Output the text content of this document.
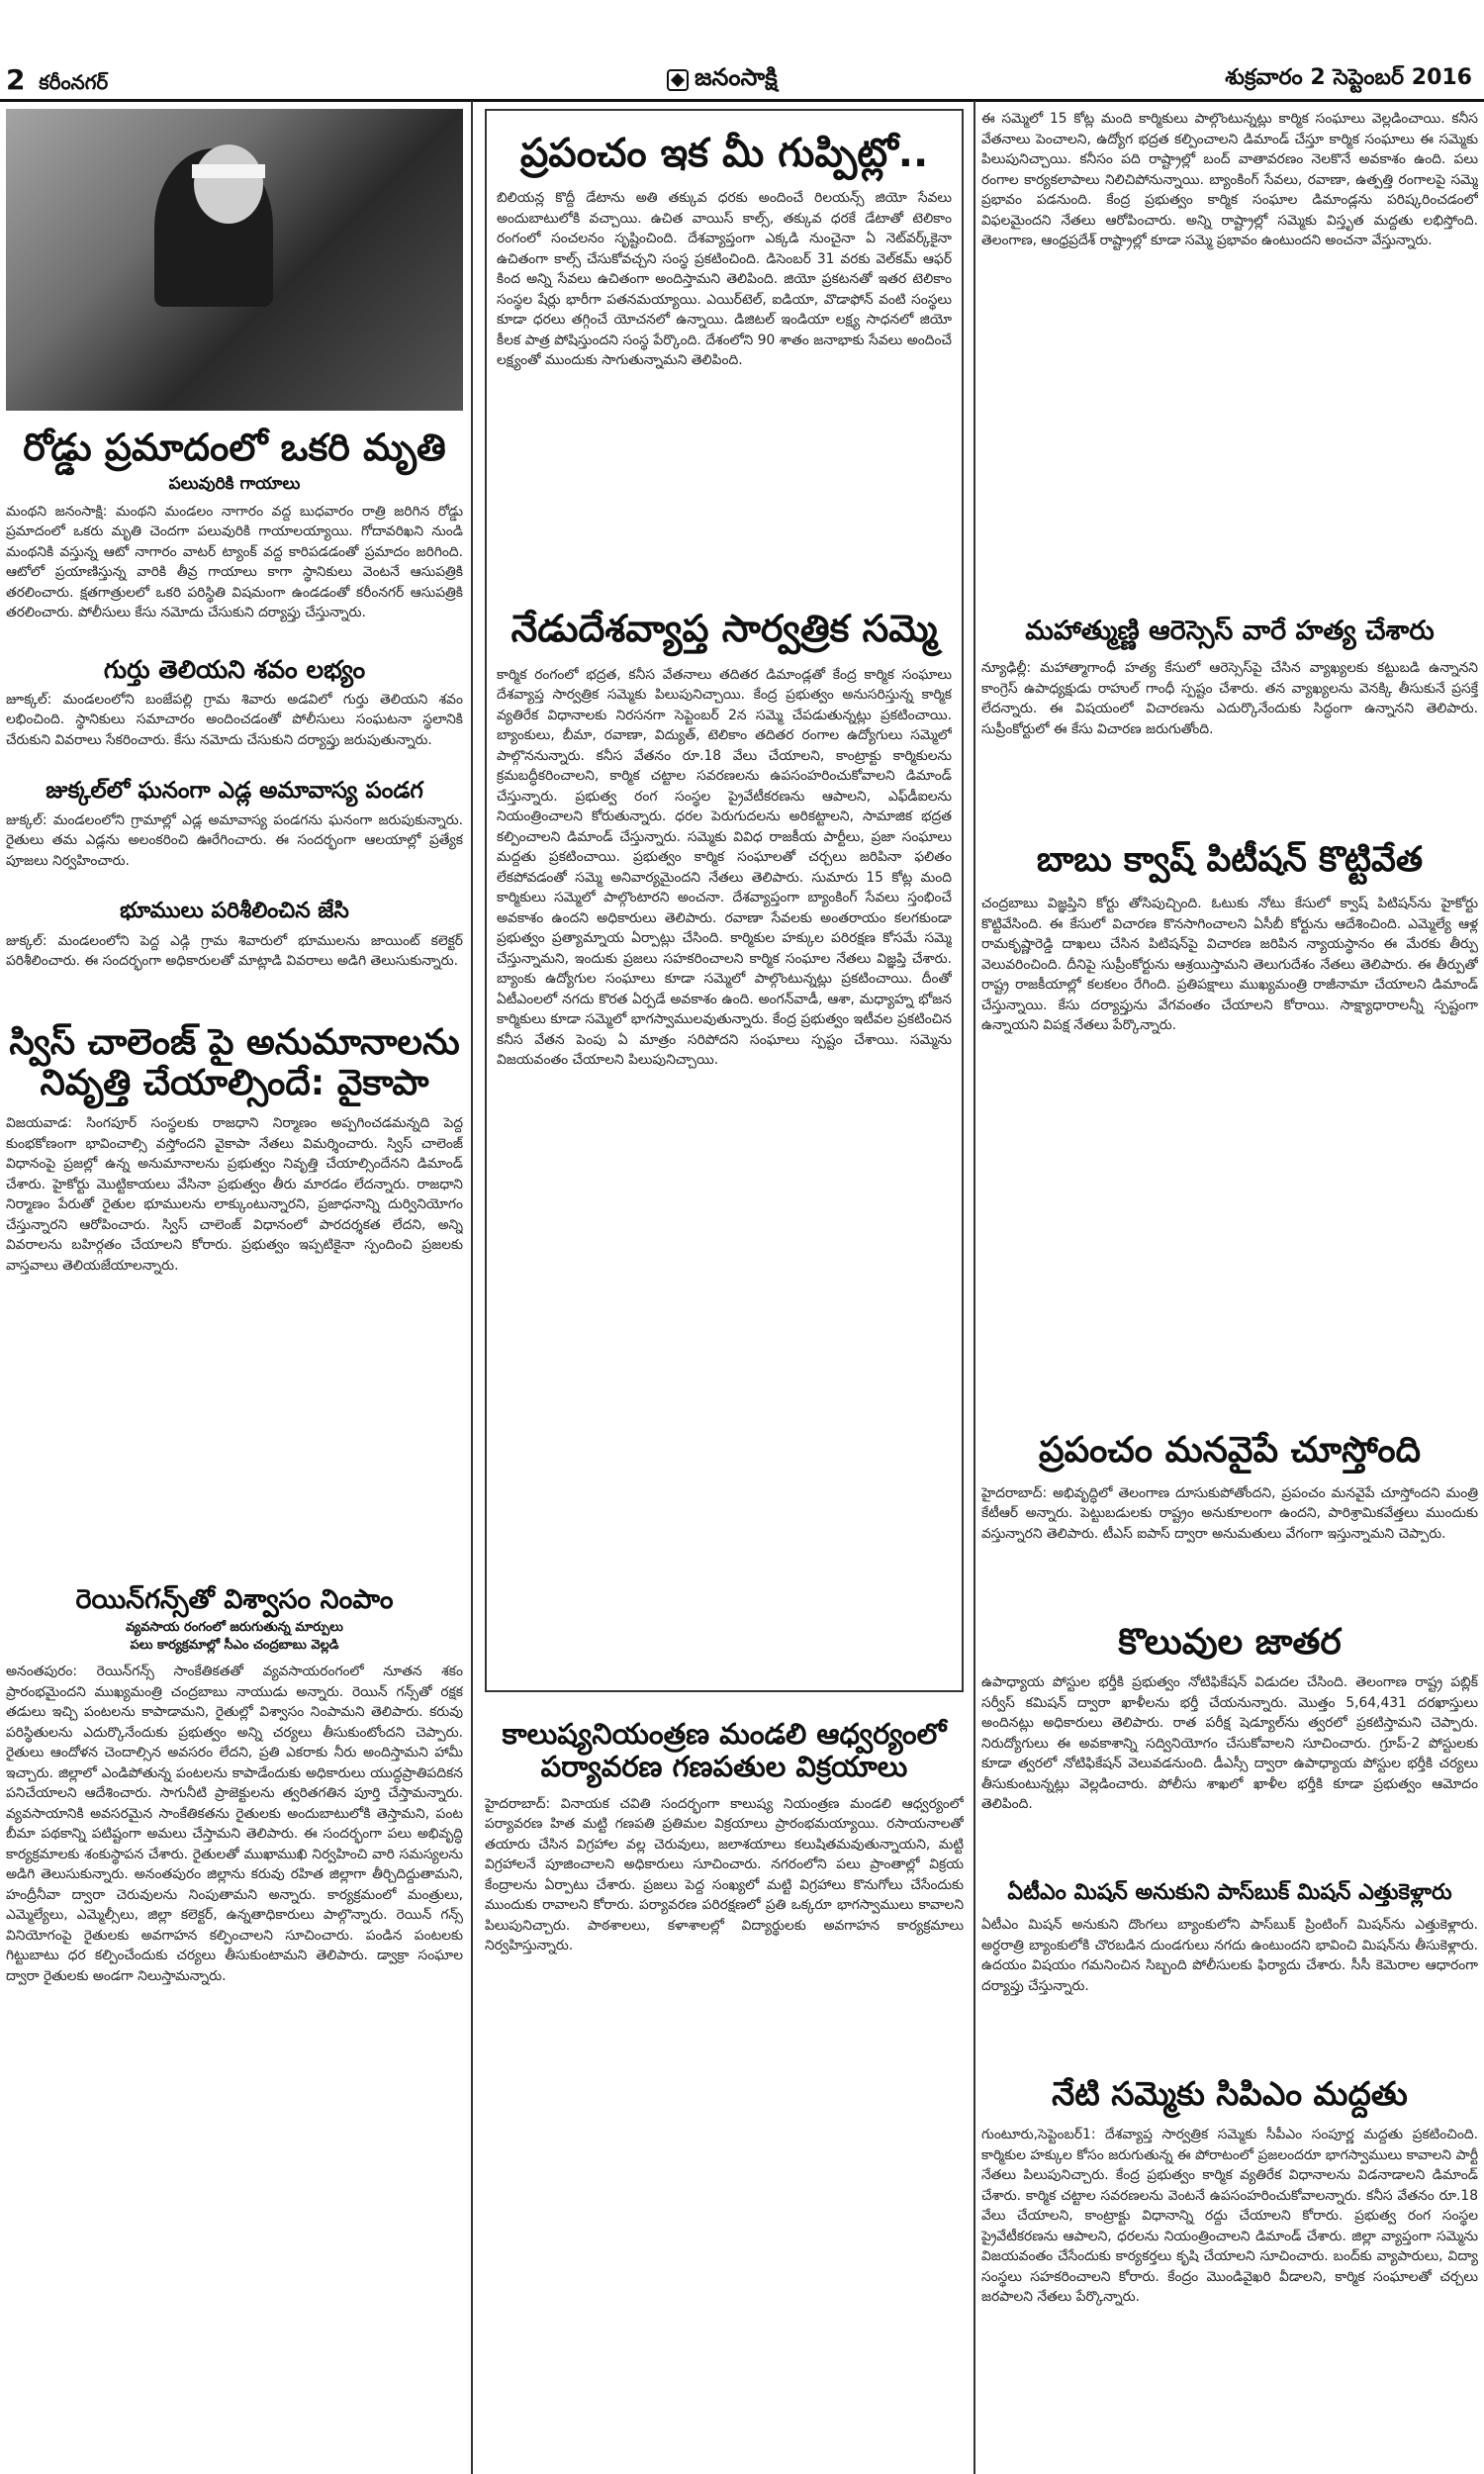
2 కరీంనగర్	జనంసాక్షి	శుక్రవారం 2 సెప్టెంబర్ 2016
రోడ్డు ప్రమాదంలో ఒకరి మృతి
పలువురికి గాయాలు
మంథని జనంసాక్షి: మంథని మండలం నాగారం వద్ద బుధవారం రాత్రి జరిగిన రోడ్డు ప్రమాదంలో ఒకరు మృతి చెందగా పలువురికి గాయాలయ్యాయి. గోదావరిఖని నుండి మంథనికి వస్తున్న ఆటో నాగారం వాటర్ ట్యాంక్ వద్ద కారిపడడంతో ప్రమాదం జరిగింది. ఆటోలో ప్రయాణిస్తున్న వారికి తీవ్ర గాయాలు కాగా స్థానికులు వెంటనే ఆసుపత్రికి తరలించారు. క్షతగాత్రులలో ఒకరి పరిస్థితి విషమంగా ఉండడంతో కరీంనగర్ ఆసుపత్రికి తరలించారు. పోలీసులు కేసు నమోదు చేసుకుని దర్యాప్తు చేస్తున్నారు.
గుర్తు తెలియని శవం లభ్యం
జూక్కల్: మండలంలోని బంజేపల్లి గ్రామ శివారు అడవిలో గుర్తు తెలియని శవం లభించింది. స్థానికులు సమాచారం అందించడంతో పోలీసులు సంఘటనా స్థలానికి చేరుకుని వివరాలు సేకరించారు. కేసు నమోదు చేసుకుని దర్యాప్తు జరుపుతున్నారు.
జుక్కల్‌లో ఘనంగా ఎడ్ల అమావాస్య పండగ
జుక్కల్: మండలంలోని గ్రామాల్లో ఎడ్ల అమావాస్య పండగను ఘనంగా జరుపుకున్నారు. రైతులు తమ ఎడ్లను అలంకరించి ఊరేగించారు. ఈ సందర్భంగా ఆలయాల్లో ప్రత్యేక పూజలు నిర్వహించారు.
భూములు పరిశీలించిన జేసి
జుక్కల్: మండలంలోని పెద్ద ఎడ్గి గ్రామ శివారులో భూములను జాయింట్ కలెక్టర్ పరిశీలించారు. ఈ సందర్భంగా అధికారులతో మాట్లాడి వివరాలు అడిగి తెలుసుకున్నారు.
స్విస్ చాలెంజ్ పై అనుమానాలను నివృత్తి చేయాల్సిందే: వైకాపా
విజయవాడ: సింగపూర్ సంస్థలకు రాజధాని నిర్మాణం అప్పగించడమన్నది పెద్ద కుంభకోణంగా భావించాల్సి వస్తోందని వైకాపా నేతలు విమర్శించారు. స్విస్ చాలెంజ్ విధానంపై ప్రజల్లో ఉన్న అనుమానాలను ప్రభుత్వం నివృత్తి చేయాల్సిందేనని డిమాండ్ చేశారు. హైకోర్టు మొట్టికాయలు వేసినా ప్రభుత్వం తీరు మారడం లేదన్నారు. రాజధాని నిర్మాణం పేరుతో రైతుల భూములను లాక్కుంటున్నారని, ప్రజాధనాన్ని దుర్వినియోగం చేస్తున్నారని ఆరోపించారు. స్విస్ చాలెంజ్ విధానంలో పారదర్శకత లేదని, అన్ని వివరాలను బహిర్గతం చేయాలని కోరారు. ప్రభుత్వం ఇప్పటికైనా స్పందించి ప్రజలకు వాస్తవాలు తెలియజేయాలన్నారు.
రెయిన్‌గన్స్‌తో విశ్వాసం నింపాం
వ్యవసాయ రంగంలో జరుగుతున్న మార్పులు
పలు కార్యక్రమాల్లో సీఎం చంద్రబాబు వెల్లడి
అనంతపురం: రెయిన్‌గన్స్‌ సాంకేతికతతో వ్యవసాయరంగంలో నూతన శకం ప్రారంభమైందని ముఖ్యమంత్రి చంద్రబాబు నాయుడు అన్నారు. రెయిన్ గన్స్‌తో రక్షక తడులు ఇచ్చి పంటలను కాపాడామని, రైతుల్లో విశ్వాసం నింపామని తెలిపారు. కరువు పరిస్థితులను ఎదుర్కొనేందుకు ప్రభుత్వం అన్ని చర్యలు తీసుకుంటోందని చెప్పారు. రైతులు ఆందోళన చెందాల్సిన అవసరం లేదని, ప్రతి ఎకరాకు నీరు అందిస్తామని హామీ ఇచ్చారు. జిల్లాలో ఎండిపోతున్న పంటలను కాపాడేందుకు అధికారులు యుద్ధప్రాతిపదికన పనిచేయాలని ఆదేశించారు. సాగునీటి ప్రాజెక్టులను త్వరితగతిన పూర్తి చేస్తామన్నారు. వ్యవసాయానికి అవసరమైన సాంకేతికతను రైతులకు అందుబాటులోకి తెస్తామని, పంట బీమా పథకాన్ని పటిష్టంగా అమలు చేస్తామని తెలిపారు. ఈ సందర్భంగా పలు అభివృద్ధి కార్యక్రమాలకు శంకుస్థాపన చేశారు. రైతులతో ముఖాముఖి నిర్వహించి వారి సమస్యలను అడిగి తెలుసుకున్నారు. అనంతపురం జిల్లాను కరువు రహిత జిల్లాగా తీర్చిదిద్దుతామని, హంద్రీనీవా ద్వారా చెరువులను నింపుతామని అన్నారు. కార్యక్రమంలో మంత్రులు, ఎమ్మెల్యేలు, ఎమ్మెల్సీలు, జిల్లా కలెక్టర్, ఉన్నతాధికారులు పాల్గొన్నారు. రెయిన్ గన్స్ వినియోగంపై రైతులకు అవగాహన కల్పించాలని సూచించారు. పండిన పంటలకు గిట్టుబాటు ధర కల్పించేందుకు చర్యలు తీసుకుంటామని తెలిపారు. డ్వాక్రా సంఘాల ద్వారా రైతులకు అండగా నిలుస్తామన్నారు.
ప్రపంచం ఇక మీ గుప్పిట్లో..
బిలియన్ల కొద్దీ డేటాను అతి తక్కువ ధరకు అందించే రిలయన్స్ జియో సేవలు అందుబాటులోకి వచ్చాయి. ఉచిత వాయిస్ కాల్స్‌, తక్కువ ధరకే డేటాతో టెలికాం రంగంలో సంచలనం సృష్టించింది. దేశవ్యాప్తంగా ఎక్కడి నుంచైనా ఏ నెట్‌వర్క్‌కైనా ఉచితంగా కాల్స్ చేసుకోవచ్చని సంస్థ ప్రకటించింది. డిసెంబర్ 31 వరకు వెల్‌కమ్ ఆఫర్ కింద అన్ని సేవలు ఉచితంగా అందిస్తామని తెలిపింది. జియో ప్రకటనతో ఇతర టెలికాం సంస్థల షేర్లు భారీగా పతనమయ్యాయి. ఎయిర్‌టెల్, ఐడియా, వొడాఫోన్ వంటి సంస్థలు కూడా ధరలు తగ్గించే యోచనలో ఉన్నాయి. డిజిటల్ ఇండియా లక్ష్య సాధనలో జియో కీలక పాత్ర పోషిస్తుందని సంస్థ పేర్కొంది. దేశంలోని 90 శాతం జనాభాకు సేవలు అందించే లక్ష్యంతో ముందుకు సాగుతున్నామని తెలిపింది.
నేడుదేశవ్యాప్త సార్వత్రిక సమ్మె
కార్మిక రంగంలో భద్రత, కనీస వేతనాలు తదితర డిమాండ్లతో కేంద్ర కార్మిక సంఘాలు దేశవ్యాప్త సార్వత్రిక సమ్మెకు పిలుపునిచ్చాయి. కేంద్ర ప్రభుత్వం అనుసరిస్తున్న కార్మిక వ్యతిరేక విధానాలకు నిరసనగా సెప్టెంబర్ 2న సమ్మె చేపడుతున్నట్లు ప్రకటించాయి. బ్యాంకులు, బీమా, రవాణా, విద్యుత్, టెలికాం తదితర రంగాల ఉద్యోగులు సమ్మెలో పాల్గొననున్నారు. కనీస వేతనం రూ.18 వేలు చేయాలని, కాంట్రాక్టు కార్మికులను క్రమబద్ధీకరించాలని, కార్మిక చట్టాల సవరణలను ఉపసంహరించుకోవాలని డిమాండ్ చేస్తున్నారు. ప్రభుత్వ రంగ సంస్థల ప్రైవేటీకరణను ఆపాలని, ఎఫ్‌డీఐలను నియంత్రించాలని కోరుతున్నారు. ధరల పెరుగుదలను అరికట్టాలని, సామాజిక భద్రత కల్పించాలని డిమాండ్ చేస్తున్నారు. సమ్మెకు వివిధ రాజకీయ పార్టీలు, ప్రజా సంఘాలు మద్దతు ప్రకటించాయి. ప్రభుత్వం కార్మిక సంఘాలతో చర్చలు జరిపినా ఫలితం లేకపోవడంతో సమ్మె అనివార్యమైందని నేతలు తెలిపారు. సుమారు 15 కోట్ల మంది కార్మికులు సమ్మెలో పాల్గొంటారని అంచనా. దేశవ్యాప్తంగా బ్యాంకింగ్ సేవలు స్తంభించే అవకాశం ఉందని అధికారులు తెలిపారు. రవాణా సేవలకు అంతరాయం కలగకుండా ప్రభుత్వం ప్రత్యామ్నాయ ఏర్పాట్లు చేసింది. కార్మికుల హక్కుల పరిరక్షణ కోసమే సమ్మె చేస్తున్నామని, ఇందుకు ప్రజలు సహకరించాలని కార్మిక సంఘాల నేతలు విజ్ఞప్తి చేశారు. బ్యాంకు ఉద్యోగుల సంఘాలు కూడా సమ్మెలో పాల్గొంటున్నట్లు ప్రకటించాయి. దీంతో ఏటీఎంలలో నగదు కొరత ఏర్పడే అవకాశం ఉంది. అంగన్‌వాడీ, ఆశా, మధ్యాహ్న భోజన కార్మికులు కూడా సమ్మెలో భాగస్వాములవుతున్నారు. కేంద్ర ప్రభుత్వం ఇటీవల ప్రకటించిన కనీస వేతన పెంపు ఏ మాత్రం సరిపోదని సంఘాలు స్పష్టం చేశాయి. సమ్మెను విజయవంతం చేయాలని పిలుపునిచ్చాయి.
కాలుష్యనియంత్రణ మండలి ఆధ్వర్యంలో
పర్యావరణ గణపతుల విక్రయాలు
హైదరాబాద్: వినాయక చవితి సందర్భంగా కాలుష్య నియంత్రణ మండలి ఆధ్వర్యంలో పర్యావరణ హిత మట్టి గణపతి ప్రతిమల విక్రయాలు ప్రారంభమయ్యాయి. రసాయనాలతో తయారు చేసిన విగ్రహాల వల్ల చెరువులు, జలాశయాలు కలుషితమవుతున్నాయని, మట్టి విగ్రహాలనే పూజించాలని అధికారులు సూచించారు. నగరంలోని పలు ప్రాంతాల్లో విక్రయ కేంద్రాలను ఏర్పాటు చేశారు. ప్రజలు పెద్ద సంఖ్యలో మట్టి విగ్రహాలు కొనుగోలు చేసేందుకు ముందుకు రావాలని కోరారు. పర్యావరణ పరిరక్షణలో ప్రతి ఒక్కరూ భాగస్వాములు కావాలని పిలుపునిచ్చారు. పాఠశాలలు, కళాశాలల్లో విద్యార్థులకు అవగాహన కార్యక్రమాలు నిర్వహిస్తున్నారు.
ఈ సమ్మెలో 15 కోట్ల మంది కార్మికులు పాల్గొంటున్నట్లు కార్మిక సంఘాలు వెల్లడించాయి. కనీస వేతనాలు పెంచాలని, ఉద్యోగ భద్రత కల్పించాలని డిమాండ్ చేస్తూ కార్మిక సంఘాలు ఈ సమ్మెకు పిలుపునిచ్చాయి. కనీసం పది రాష్ట్రాల్లో బంద్ వాతావరణం నెలకొనే అవకాశం ఉంది. పలు రంగాల కార్యకలాపాలు నిలిచిపోనున్నాయి. బ్యాంకింగ్ సేవలు, రవాణా, ఉత్పత్తి రంగాలపై సమ్మె ప్రభావం పడనుంది. కేంద్ర ప్రభుత్వం కార్మిక సంఘాల డిమాండ్లను పరిష్కరించడంలో విఫలమైందని నేతలు ఆరోపించారు. అన్ని రాష్ట్రాల్లో సమ్మెకు విస్తృత మద్దతు లభిస్తోంది. తెలంగాణ, ఆంధ్రప్రదేశ్ రాష్ట్రాల్లో కూడా సమ్మె ప్రభావం ఉంటుందని అంచనా వేస్తున్నారు.
మహాత్ముణ్ణి ఆరెస్సెస్ వారే హత్య చేశారు
న్యూఢిల్లీ: మహాత్మాగాంధీ హత్య కేసులో ఆరెస్సెస్‌పై చేసిన వ్యాఖ్యలకు కట్టుబడి ఉన్నానని కాంగ్రెస్ ఉపాధ్యక్షుడు రాహుల్ గాంధీ స్పష్టం చేశారు. తన వ్యాఖ్యలను వెనక్కి తీసుకునే ప్రసక్తే లేదన్నారు. ఈ విషయంలో విచారణను ఎదుర్కొనేందుకు సిద్ధంగా ఉన్నానని తెలిపారు. సుప్రీంకోర్టులో ఈ కేసు విచారణ జరుగుతోంది.
బాబు క్వాష్ పిటీషన్ కొట్టివేత
చంద్రబాబు విజ్ఞప్తిని కోర్టు తోసిపుచ్చింది. ఓటుకు నోటు కేసులో క్వాష్ పిటిషన్‌ను హైకోర్టు కొట్టివేసింది. ఈ కేసులో విచారణ కొనసాగించాలని ఏసీబీ కోర్టును ఆదేశించింది. ఎమ్మెల్యే ఆళ్ల రామకృష్ణారెడ్డి దాఖలు చేసిన పిటిషన్‌పై విచారణ జరిపిన న్యాయస్థానం ఈ మేరకు తీర్పు వెలువరించింది. దీనిపై సుప్రీంకోర్టును ఆశ్రయిస్తామని తెలుగుదేశం నేతలు తెలిపారు. ఈ తీర్పుతో రాష్ట్ర రాజకీయాల్లో కలకలం రేగింది. ప్రతిపక్షాలు ముఖ్యమంత్రి రాజీనామా చేయాలని డిమాండ్ చేస్తున్నాయి. కేసు దర్యాప్తును వేగవంతం చేయాలని కోరాయి. సాక్ష్యాధారాలన్నీ స్పష్టంగా ఉన్నాయని విపక్ష నేతలు పేర్కొన్నారు.
ప్రపంచం మనవైపే చూస్తోంది
హైదరాబాద్: అభివృద్ధిలో తెలంగాణ దూసుకుపోతోందని, ప్రపంచం మనవైపే చూస్తోందని మంత్రి కేటీఆర్ అన్నారు. పెట్టుబడులకు రాష్ట్రం అనుకూలంగా ఉందని, పారిశ్రామికవేత్తలు ముందుకు వస్తున్నారని తెలిపారు. టీఎస్ ఐపాస్ ద్వారా అనుమతులు వేగంగా ఇస్తున్నామని చెప్పారు.
కొలువుల జాతర
ఉపాధ్యాయ పోస్టుల భర్తీకి ప్రభుత్వం నోటిఫికేషన్ విడుదల చేసింది. తెలంగాణ రాష్ట్ర పబ్లిక్ సర్వీస్ కమిషన్ ద్వారా ఖాళీలను భర్తీ చేయనున్నారు. మొత్తం 5,64,431 దరఖాస్తులు అందినట్లు అధికారులు తెలిపారు. రాత పరీక్ష షెడ్యూల్‌ను త్వరలో ప్రకటిస్తామని చెప్పారు. నిరుద్యోగులు ఈ అవకాశాన్ని సద్వినియోగం చేసుకోవాలని సూచించారు. గ్రూప్-2 పోస్టులకు కూడా త్వరలో నోటిఫికేషన్ వెలువడనుంది. డీఎస్సీ ద్వారా ఉపాధ్యాయ పోస్టుల భర్తీకి చర్యలు తీసుకుంటున్నట్లు వెల్లడించారు. పోలీసు శాఖలో ఖాళీల భర్తీకి కూడా ప్రభుత్వం ఆమోదం తెలిపింది.
ఏటీఎం మిషన్ అనుకుని పాస్‌బుక్ మిషన్ ఎత్తుకెళ్లారు
ఏటీఎం మిషన్ అనుకుని దొంగలు బ్యాంకులోని పాస్‌బుక్ ప్రింటింగ్ మిషన్‌ను ఎత్తుకెళ్లారు. అర్ధరాత్రి బ్యాంకులోకి చొరబడిన దుండగులు నగదు ఉంటుందని భావించి మిషన్‌ను తీసుకెళ్లారు. ఉదయం విషయం గమనించిన సిబ్బంది పోలీసులకు ఫిర్యాదు చేశారు. సీసీ కెమెరాల ఆధారంగా దర్యాప్తు చేస్తున్నారు.
నేటి సమ్మెకు సిపిఎం మద్దతు
గుంటూరు,సెప్టెంబర్1: దేశవ్యాప్త సార్వత్రిక సమ్మెకు సీపీఎం సంపూర్ణ మద్దతు ప్రకటించింది. కార్మికుల హక్కుల కోసం జరుగుతున్న ఈ పోరాటంలో ప్రజలందరూ భాగస్వాములు కావాలని పార్టీ నేతలు పిలుపునిచ్చారు. కేంద్ర ప్రభుత్వం కార్మిక వ్యతిరేక విధానాలను విడనాడాలని డిమాండ్ చేశారు. కార్మిక చట్టాల సవరణలను వెంటనే ఉపసంహరించుకోవాలన్నారు. కనీస వేతనం రూ.18 వేలు చేయాలని, కాంట్రాక్టు విధానాన్ని రద్దు చేయాలని కోరారు. ప్రభుత్వ రంగ సంస్థల ప్రైవేటీకరణను ఆపాలని, ధరలను నియంత్రించాలని డిమాండ్ చేశారు. జిల్లా వ్యాప్తంగా సమ్మెను విజయవంతం చేసేందుకు కార్యకర్తలు కృషి చేయాలని సూచించారు. బంద్‌కు వ్యాపారులు, విద్యా సంస్థలు సహకరించాలని కోరారు. కేంద్రం మొండివైఖరి వీడాలని, కార్మిక సంఘాలతో చర్చలు జరపాలని నేతలు పేర్కొన్నారు.
